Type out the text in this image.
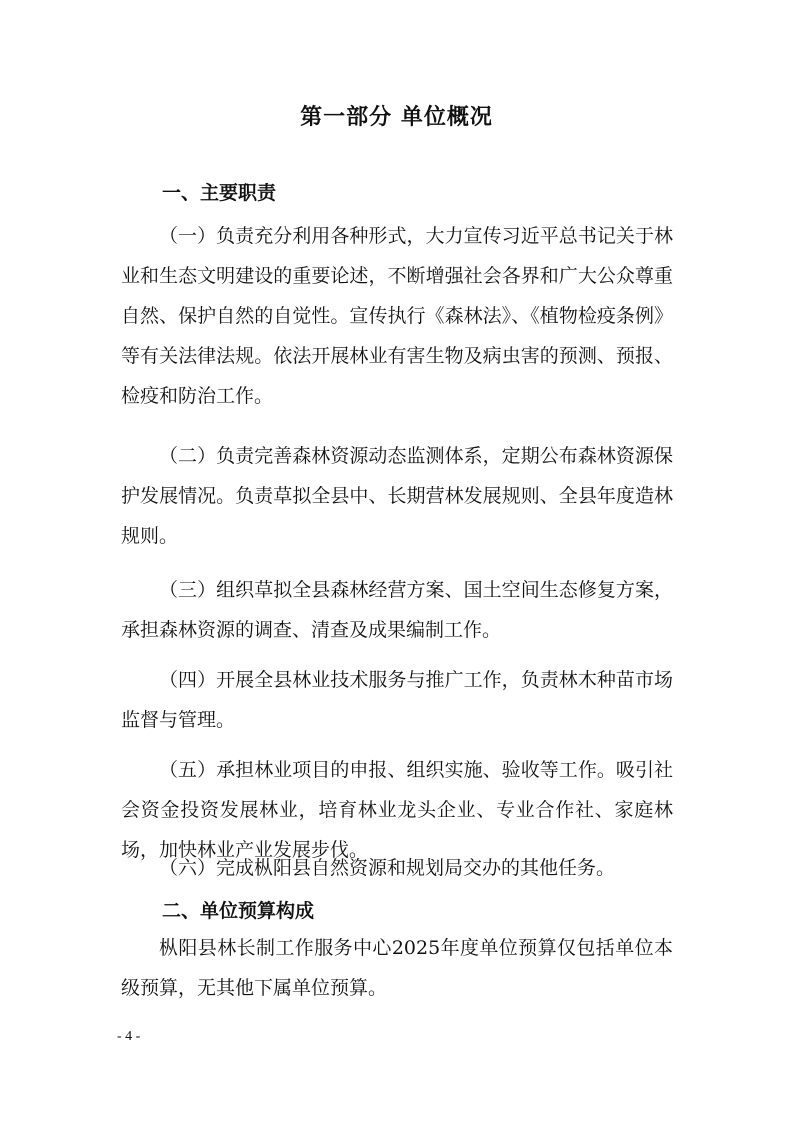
第一部分 单位概况
一、主要职责
（一）负责充分利用各种形式，大力宣传习近平总书记关于林业和生态文明建设的重要论述，不断增强社会各界和广大公众尊重自然、保护自然的自觉性。宣传执行《森林法》、《植物检疫条例》等有关法律法规。依法开展林业有害生物及病虫害的预测、预报、检疫和防治工作。
（二）负责完善森林资源动态监测体系，定期公布森林资源保护发展情况。负责草拟全县中、长期营林发展规则、全县年度造林规则。
（三）组织草拟全县森林经营方案、国土空间生态修复方案，承担森林资源的调查、清查及成果编制工作。
（四）开展全县林业技术服务与推广工作，负责林木种苗市场监督与管理。
（五）承担林业项目的申报、组织实施、验收等工作。吸引社会资金投资发展林业，培育林业龙头企业、专业合作社、家庭林场，加快林业产业发展步伐。
（六）完成枞阳县自然资源和规划局交办的其他任务。
二、单位预算构成
枞阳县林长制工作服务中心2025年度单位预算仅包括单位本级预算，无其他下属单位预算。
- 4 -
